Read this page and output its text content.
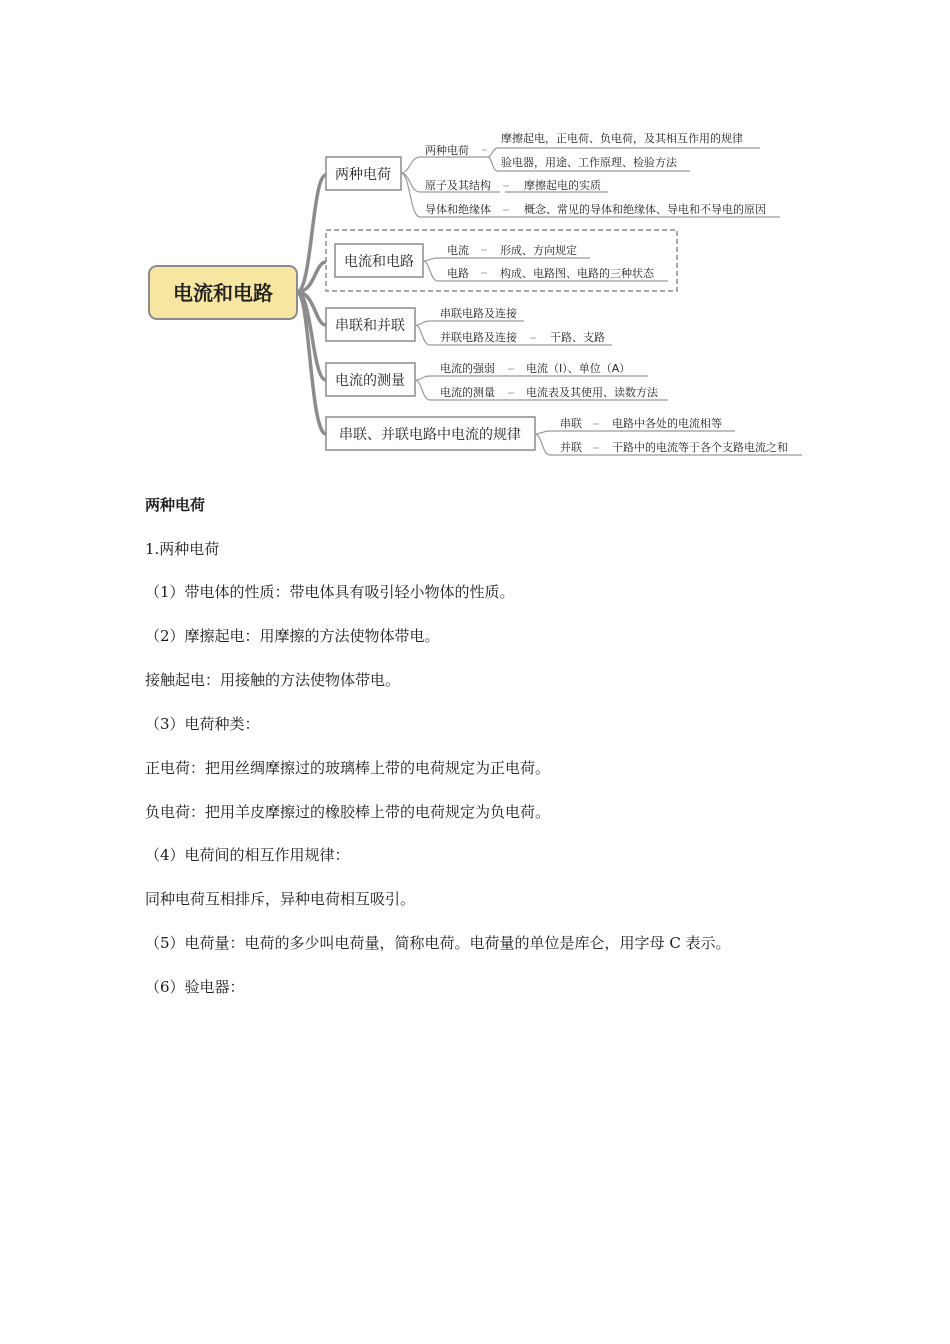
电流和电路
两种电荷
两种电荷
摩擦起电，正电荷、负电荷，及其相互作用的规律
验电器，用途、工作原理、检验方法
原子及其结构	摩擦起电的实质
导体和绝缘体	概念、常见的导体和绝缘体、导电和不导电的原因
电流和电路
电流	形成、方向规定
电路	构成、电路图、电路的三种状态
串联和并联
串联电路及连接
并联电路及连接	干路、支路
电流的测量
电流的强弱	电流（I）、单位（A）
电流的测量	电流表及其使用、读数方法
串联、并联电路中电流的规律
串联	电路中各处的电流相等
并联	干路中的电流等于各个支路电流之和
两种电荷

1.两种电荷

（1）带电体的性质：带电体具有吸引轻小物体的性质。

（2）摩擦起电：用摩擦的方法使物体带电。

接触起电：用接触的方法使物体带电。

（3）电荷种类：

正电荷：把用丝绸摩擦过的玻璃棒上带的电荷规定为正电荷。

负电荷：把用羊皮摩擦过的橡胶棒上带的电荷规定为负电荷。

（4）电荷间的相互作用规律：

同种电荷互相排斥，异种电荷相互吸引。

（5）电荷量：电荷的多少叫电荷量，简称电荷。电荷量的单位是库仑，用字母 C 表示。

（6）验电器：
